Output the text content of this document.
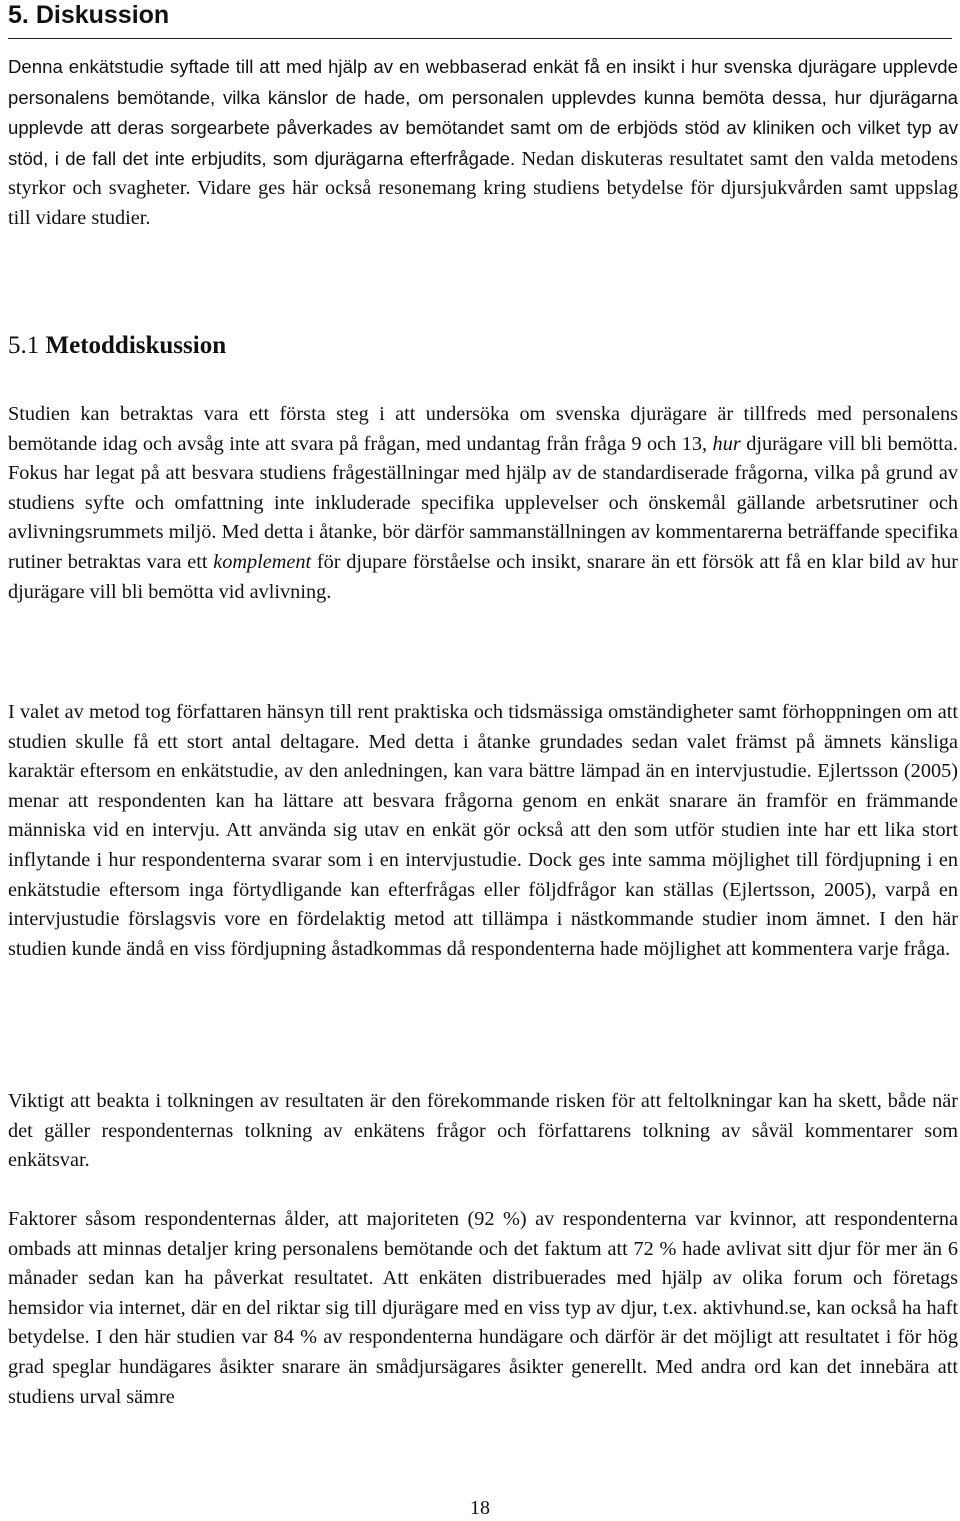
5. Diskussion

Denna enkätstudie syftade till att med hjälp av en webbaserad enkät få en insikt i hur svenska djurägare upplevde personalens bemötande, vilka känslor de hade, om personalen upplevdes kunna bemöta dessa, hur djurägarna upplevde att deras sorgearbete påverkades av bemötandet samt om de erbjöds stöd av kliniken och vilket typ av stöd, i de fall det inte erbjudits, som djurägarna efterfrågade. Nedan diskuteras resultatet samt den valda metodens styrkor och svagheter. Vidare ges här också resonemang kring studiens betydelse för djursjukvården samt uppslag till vidare studier.

5.1 Metoddiskussion

Studien kan betraktas vara ett första steg i att undersöka om svenska djurägare är tillfreds med personalens bemötande idag och avsåg inte att svara på frågan, med undantag från fråga 9 och 13, hur djurägare vill bli bemötta. Fokus har legat på att besvara studiens frågeställningar med hjälp av de standardiserade frågorna, vilka på grund av studiens syfte och omfattning inte inkluderade specifika upplevelser och önskemål gällande arbetsrutiner och avlivningsrummets miljö. Med detta i åtanke, bör därför sammanställningen av kommentarerna beträffande specifika rutiner betraktas vara ett komplement för djupare förståelse och insikt, snarare än ett försök att få en klar bild av hur djurägare vill bli bemötta vid avlivning.

I valet av metod tog författaren hänsyn till rent praktiska och tidsmässiga omständigheter samt förhoppningen om att studien skulle få ett stort antal deltagare. Med detta i åtanke grundades sedan valet främst på ämnets känsliga karaktär eftersom en enkätstudie, av den anledningen, kan vara bättre lämpad än en intervjustudie. Ejlertsson (2005) menar att respondenten kan ha lättare att besvara frågorna genom en enkät snarare än framför en främmande människa vid en intervju. Att använda sig utav en enkät gör också att den som utför studien inte har ett lika stort inflytande i hur respondenterna svarar som i en intervjustudie. Dock ges inte samma möjlighet till fördjupning i en enkätstudie eftersom inga förtydligande kan efterfrågas eller följdfrågor kan ställas (Ejlertsson, 2005), varpå en intervjustudie förslagsvis vore en fördelaktig metod att tillämpa i nästkommande studier inom ämnet. I den här studien kunde ändå en viss fördjupning åstadkommas då respondenterna hade möjlighet att kommentera varje fråga.

Viktigt att beakta i tolkningen av resultaten är den förekommande risken för att feltolkningar kan ha skett, både när det gäller respondenternas tolkning av enkätens frågor och författarens tolkning av såväl kommentarer som enkätsvar.

Faktorer såsom respondenternas ålder, att majoriteten (92 %) av respondenterna var kvinnor, att respondenterna ombads att minnas detaljer kring personalens bemötande och det faktum att 72 % hade avlivat sitt djur för mer än 6 månader sedan kan ha påverkat resultatet. Att enkäten distribuerades med hjälp av olika forum och företags hemsidor via internet, där en del riktar sig till djurägare med en viss typ av djur, t.ex. aktivhund.se, kan också ha haft betydelse. I den här studien var 84 % av respondenterna hundägare och därför är det möjligt att resultatet i för hög grad speglar hundägares åsikter snarare än smådjursägares åsikter generellt. Med andra ord kan det innebära att studiens urval sämre

18
